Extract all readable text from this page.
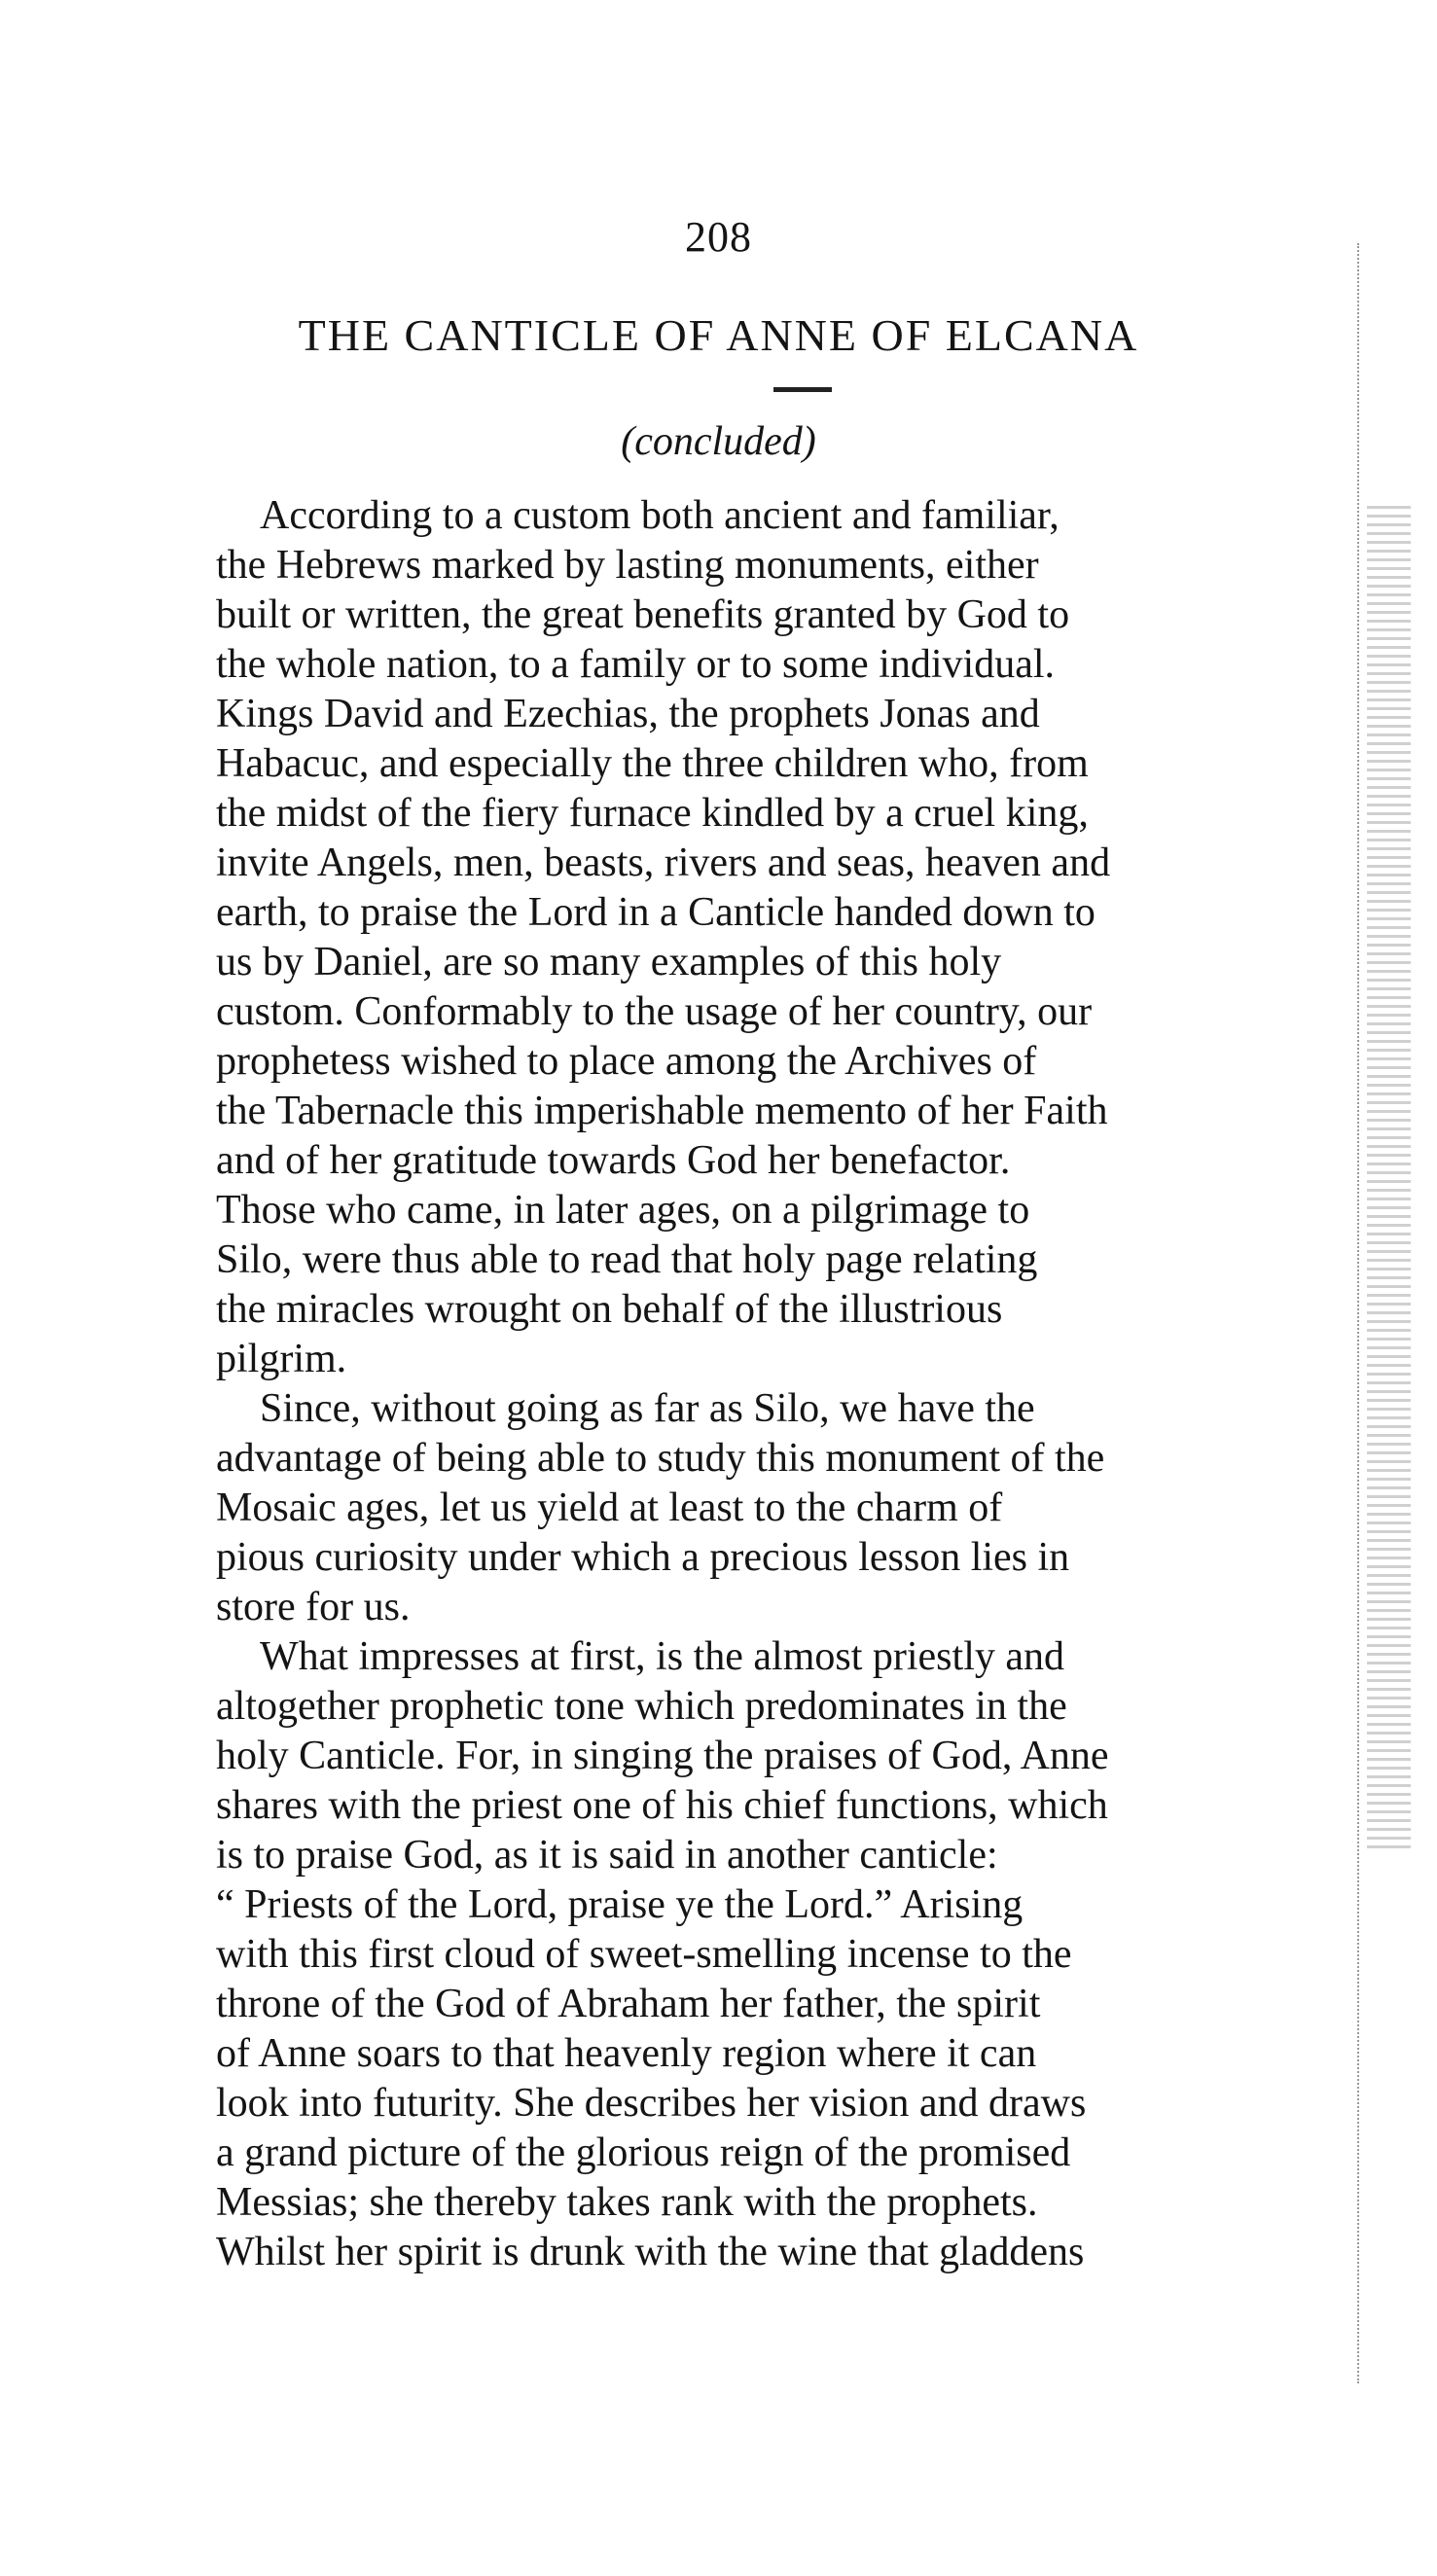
208
THE CANTICLE OF ANNE OF ELCANA
(concluded)
According to a custom both ancient and familiar,
the Hebrews marked by lasting monuments, either
built or written, the great benefits granted by God to
the whole nation, to a family or to some individual.
Kings David and Ezechias, the prophets Jonas and
Habacuc, and especially the three children who, from
the midst of the fiery furnace kindled by a cruel king,
invite Angels, men, beasts, rivers and seas, heaven and
earth, to praise the Lord in a Canticle handed down to
us by Daniel, are so many examples of this holy
custom. Conformably to the usage of her country, our
prophetess wished to place among the Archives of
the Tabernacle this imperishable memento of her Faith
and of her gratitude towards God her benefactor.
Those who came, in later ages, on a pilgrimage to
Silo, were thus able to read that holy page relating
the miracles wrought on behalf of the illustrious
pilgrim.
Since, without going as far as Silo, we have the
advantage of being able to study this monument of the
Mosaic ages, let us yield at least to the charm of
pious curiosity under which a precious lesson lies in
store for us.
What impresses at first, is the almost priestly and
altogether prophetic tone which predominates in the
holy Canticle. For, in singing the praises of God, Anne
shares with the priest one of his chief functions, which
is to praise God, as it is said in another canticle:
“ Priests of the Lord, praise ye the Lord.” Arising
with this first cloud of sweet-smelling incense to the
throne of the God of Abraham her father, the spirit
of Anne soars to that heavenly region where it can
look into futurity. She describes her vision and draws
a grand picture of the glorious reign of the promised
Messias; she thereby takes rank with the prophets.
Whilst her spirit is drunk with the wine that gladdens
